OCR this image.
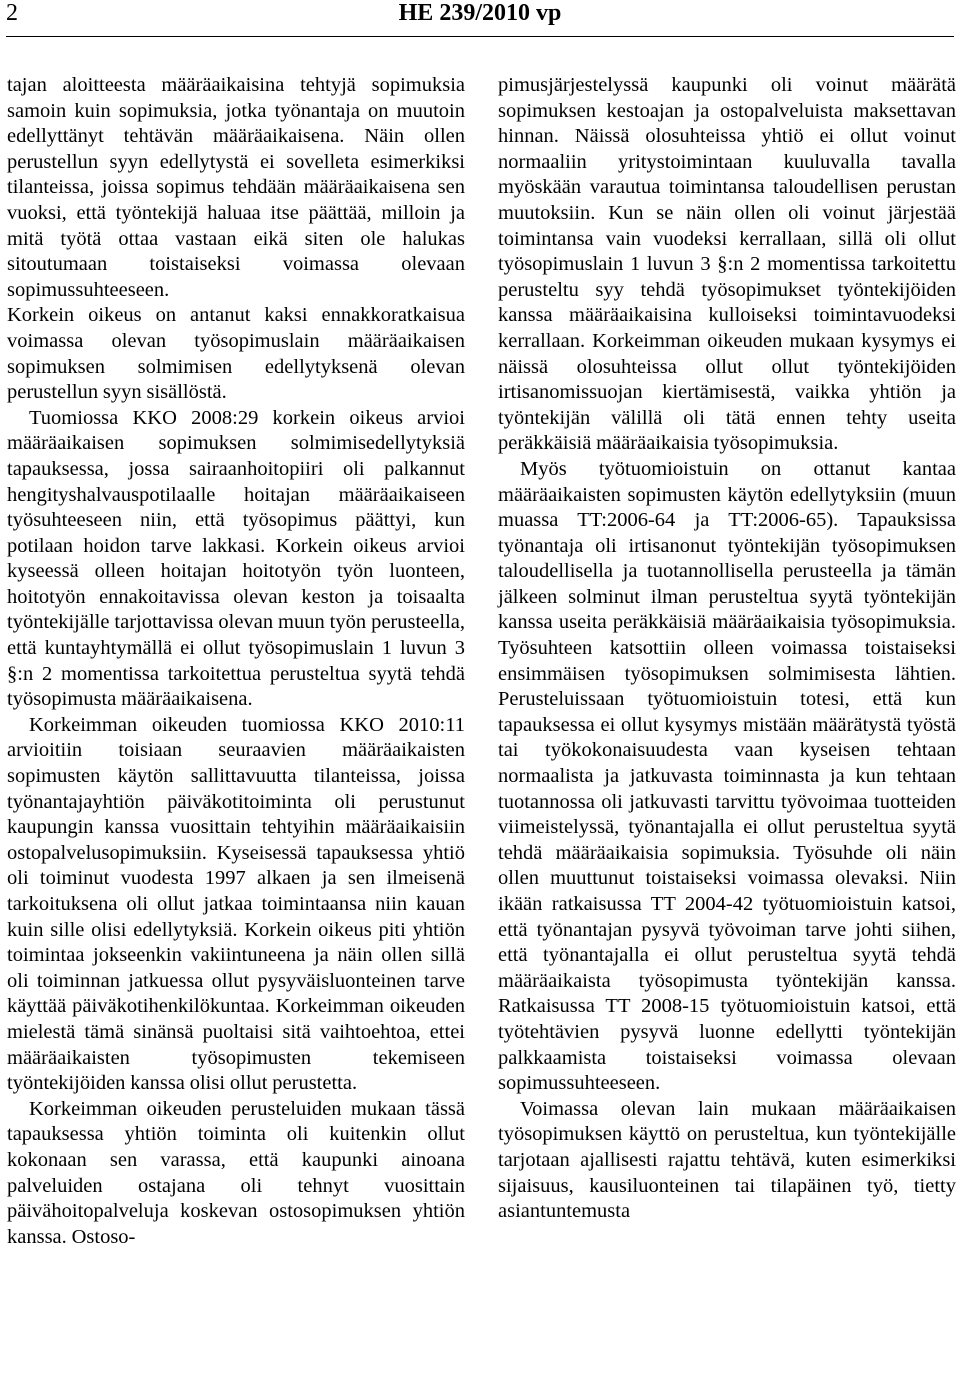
2	HE 239/2010 vp

tajan aloitteesta määräaikaisina tehtyjä sopimuksia samoin kuin sopimuksia, jotka työnantaja on muutoin edellyttänyt tehtävän määräaikaisena. Näin ollen perustellun syyn edellytystä ei sovelleta esimerkiksi tilanteissa, joissa sopimus tehdään määräaikaisena sen vuoksi, että työntekijä haluaa itse päättää, milloin ja mitä työtä ottaa vastaan eikä siten ole halukas sitoutumaan toistaiseksi voimassa olevaan sopimussuhteeseen.

Korkein oikeus on antanut kaksi ennakkoratkaisua voimassa olevan työsopimuslain määräaikaisen sopimuksen solmimisen edellytyksenä olevan perustellun syyn sisällöstä.

Tuomiossa KKO 2008:29 korkein oikeus arvioi määräaikaisen sopimuksen solmimisedellytyksiä tapauksessa, jossa sairaanhoitopiiri oli palkannut hengityshalvauspotilaalle hoitajan määräaikaiseen työsuhteeseen niin, että työsopimus päättyi, kun potilaan hoidon tarve lakkasi. Korkein oikeus arvioi kyseessä olleen hoitajan hoitotyön työn luonteen, hoitotyön ennakoitavissa olevan keston ja toisaalta työntekijälle tarjottavissa olevan muun työn perusteella, että kuntayhtymällä ei ollut työsopimuslain 1 luvun 3 §:n 2 momentissa tarkoitettua perusteltua syytä tehdä työsopimusta määräaikaisena.

Korkeimman oikeuden tuomiossa KKO 2010:11 arvioitiin toisiaan seuraavien määräaikaisten sopimusten käytön sallittavuutta tilanteissa, joissa työnantajayhtiön päiväkotitoiminta oli perustunut kaupungin kanssa vuosittain tehtyihin määräaikaisiin ostopalvelusopimuksiin. Kyseisessä tapauksessa yhtiö oli toiminut vuodesta 1997 alkaen ja sen ilmeisenä tarkoituksena oli ollut jatkaa toimintaansa niin kauan kuin sille olisi edellytyksiä. Korkein oikeus piti yhtiön toimintaa jokseenkin vakiintuneena ja näin ollen sillä oli toiminnan jatkuessa ollut pysyväisluonteinen tarve käyttää päiväkotihenkilökuntaa. Korkeimman oikeuden mielestä tämä sinänsä puoltaisi sitä vaihtoehtoa, ettei määräaikaisten työsopimusten tekemiseen työntekijöiden kanssa olisi ollut perustetta.

Korkeimman oikeuden perusteluiden mukaan tässä tapauksessa yhtiön toiminta oli kuitenkin ollut kokonaan sen varassa, että kaupunki ainoana palveluiden ostajana oli tehnyt vuosittain päivähoitopalveluja koskevan ostosopimuksen yhtiön kanssa. Ostoso-

pimusjärjestelyssä kaupunki oli voinut määrätä sopimuksen kestoajan ja ostopalveluista maksettavan hinnan. Näissä olosuhteissa yhtiö ei ollut voinut normaaliin yritystoimintaan kuuluvalla tavalla myöskään varautua toimintansa taloudellisen perustan muutoksiin. Kun se näin ollen oli voinut järjestää toimintansa vain vuodeksi kerrallaan, sillä oli ollut työsopimuslain 1 luvun 3 §:n 2 momentissa tarkoitettu perusteltu syy tehdä työsopimukset työntekijöiden kanssa määräaikaisina kulloiseksi toimintavuodeksi kerrallaan. Korkeimman oikeuden mukaan kysymys ei näissä olosuhteissa ollut ollut työntekijöiden irtisanomissuojan kiertämisestä, vaikka yhtiön ja työntekijän välillä oli tätä ennen tehty useita peräkkäisiä määräaikaisia työsopimuksia.

Myös työtuomioistuin on ottanut kantaa määräaikaisten sopimusten käytön edellytyksiin (muun muassa TT:2006-64 ja TT:2006-65). Tapauksissa työnantaja oli irtisanonut työntekijän työsopimuksen taloudellisella ja tuotannollisella perusteella ja tämän jälkeen solminut ilman perusteltua syytä työntekijän kanssa useita peräkkäisiä määräaikaisia työsopimuksia. Työsuhteen katsottiin olleen voimassa toistaiseksi ensimmäisen työsopimuksen solmimisesta lähtien. Perusteluissaan työtuomioistuin totesi, että kun tapauksessa ei ollut kysymys mistään määrätystä työstä tai työkokonaisuudesta vaan kyseisen tehtaan normaalista ja jatkuvasta toiminnasta ja kun tehtaan tuotannossa oli jatkuvasti tarvittu työvoimaa tuotteiden viimeistelyssä, työnantajalla ei ollut perusteltua syytä tehdä määräaikaisia sopimuksia. Työsuhde oli näin ollen muuttunut toistaiseksi voimassa olevaksi. Niin ikään ratkaisussa TT 2004-42 työtuomioistuin katsoi, että työnantajan pysyvä työvoiman tarve johti siihen, että työnantajalla ei ollut perusteltua syytä tehdä määräaikaista työsopimusta työntekijän kanssa. Ratkaisussa TT 2008-15 työtuomioistuin katsoi, että työtehtävien pysyvä luonne edellytti työntekijän palkkaamista toistaiseksi voimassa olevaan sopimussuhteeseen.

Voimassa olevan lain mukaan määräaikaisen työsopimuksen käyttö on perusteltua, kun työntekijälle tarjotaan ajallisesti rajattu tehtävä, kuten esimerkiksi sijaisuus, kausiluonteinen tai tilapäinen työ, tietty asiantuntemusta
